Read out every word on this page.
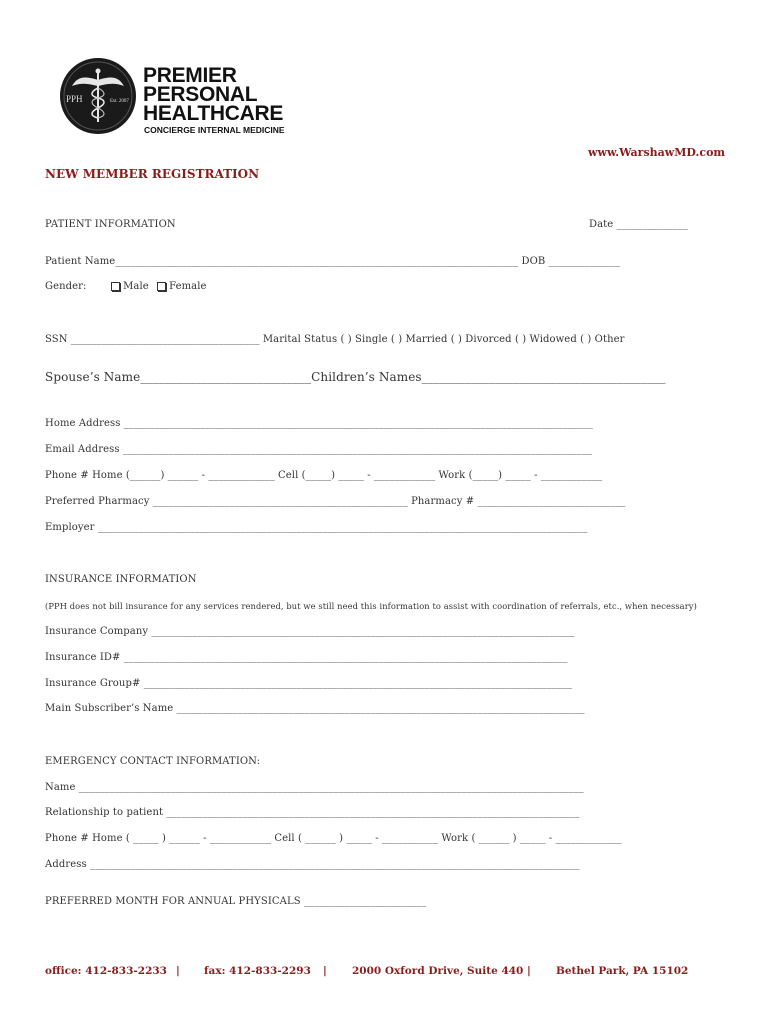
PPH	Est. 2007
PREMIER
PERSONAL
HEALTHCARE
CONCIERGE INTERNAL MEDICINE
www.WarshawMD.com
NEW MEMBER REGISTRATION
PATIENT INFORMATION	Date ______________
Patient Name_______________________________________________________________________________ DOB ______________
Gender:	Male Female
SSN _____________________________________ Marital Status ( ) Single ( ) Married ( ) Divorced ( ) Widowed ( ) Other
Spouse’s Name____________________________Children’s Names________________________________________
Home Address ____________________________________________________________________________________________
Email Address ____________________________________________________________________________________________
Phone # Home (______) ______ - _____________ Cell (_____) _____ - ____________ Work (_____) _____ - ____________
Preferred Pharmacy __________________________________________________ Pharmacy # _____________________________
Employer ________________________________________________________________________________________________
INSURANCE INFORMATION
(PPH does not bill insurance for any services rendered, but we still need this information to assist with coordination of referrals, etc., when necessary)
Insurance Company ___________________________________________________________________________________
Insurance ID# _______________________________________________________________________________________
Insurance Group# ____________________________________________________________________________________
Main Subscriber’s Name ________________________________________________________________________________
EMERGENCY CONTACT INFORMATION:
Name ___________________________________________________________________________________________________
Relationship to patient _________________________________________________________________________________
Phone # Home ( _____ ) ______ - ____________ Cell ( ______ ) _____ - ___________ Work ( ______ ) _____ - _____________
Address ________________________________________________________________________________________________
PREFERRED MONTH FOR ANNUAL PHYSICALS ________________________
office: 412-833-2233 | fax: 412-833-2293 | 2000 Oxford Drive, Suite 440 | Bethel Park, PA 15102
